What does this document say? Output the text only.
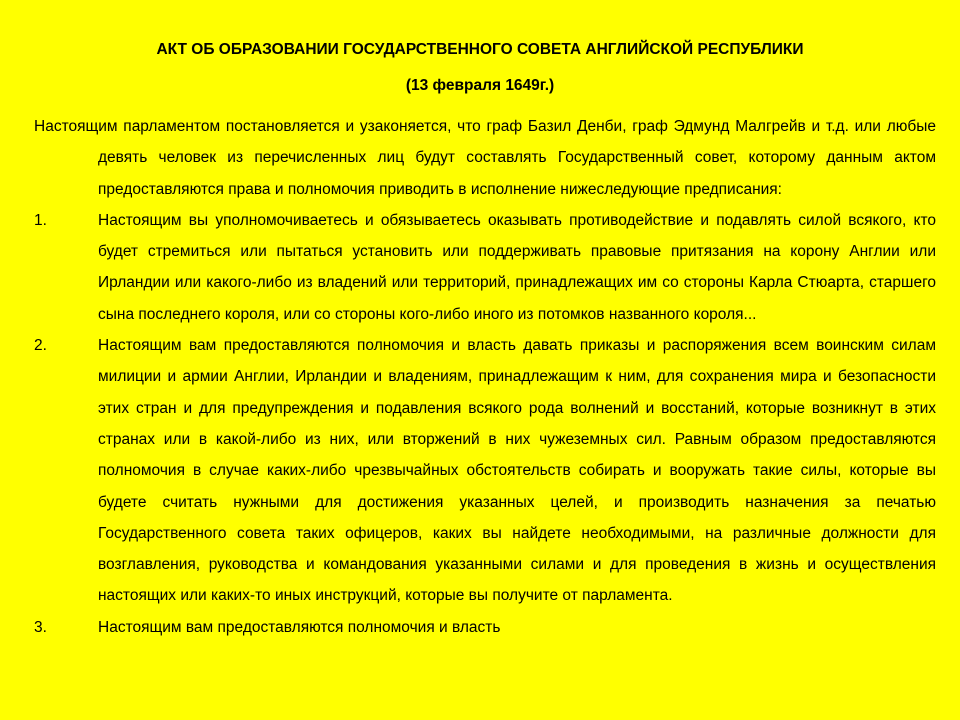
АКТ ОБ ОБРАЗОВАНИИ ГОСУДАРСТВЕННОГО СОВЕТА АНГЛИЙСКОЙ РЕСПУБЛИКИ
(13 февраля 1649г.)

Настоящим парламентом постановляется и узаконяется, что граф Базил Денби, граф Эдмунд Малгрейв и т.д. или любые девять человек из перечисленных лиц будут составлять Государственный совет, которому данным актом предоставляются права и полномочия приводить в исполнение нижеследующие предписания:

1.	Настоящим вы уполномочиваетесь и обязываетесь оказывать противодействие и подавлять силой всякого, кто будет стремиться или пытаться установить или поддерживать правовые притязания на корону Англии или Ирландии или какого-либо из владений или территорий, принадлежащих им со стороны Карла Стюарта, старшего сына последнего короля, или со стороны кого-либо иного из потомков названного короля...
2.	Настоящим вам предоставляются полномочия и власть давать приказы и распоряжения всем воинским силам милиции и армии Англии, Ирландии и владениям, принадлежащим к ним, для сохранения мира и безопасности этих стран и для предупреждения и подавления всякого рода волнений и восстаний, которые возникнут в этих странах или в какой-либо из них, или вторжений в них чужеземных сил. Равным образом предоставляются полномочия в случае каких-либо чрезвычайных обстоятельств собирать и вооружать такие силы, которые вы будете считать нужными для достижения указанных целей, и производить назначения за печатью Государственного совета таких офицеров, каких вы найдете необходимыми, на различные должности для возглавления, руководства и командования указанными силами и для проведения в жизнь и осуществления настоящих или каких-то иных инструкций, которые вы получите от парламента.
3.	Настоящим вам предоставляются полномочия и власть
